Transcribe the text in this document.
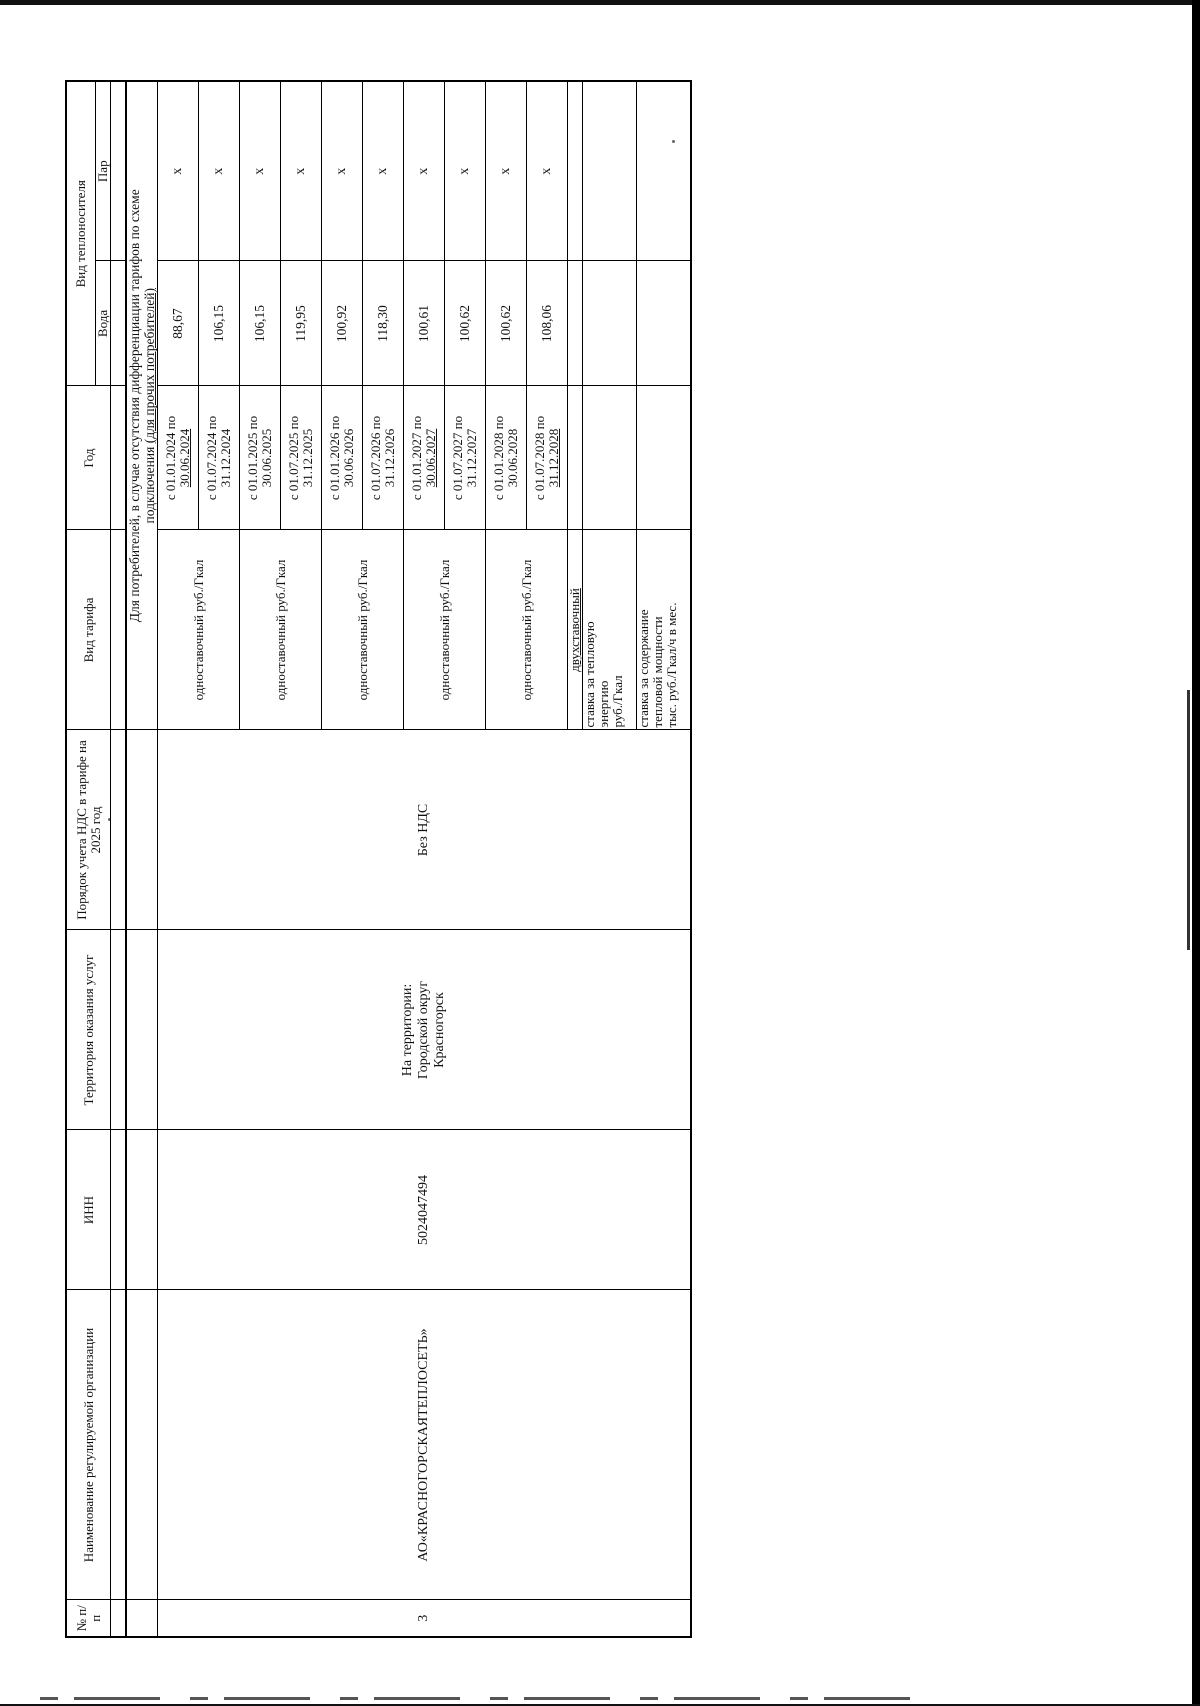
№ п/п	Наименование регулируемой организации	ИНН	Территория оказания услуг	Порядок учета НДС в тарифе на 2025 год	Вид тарифа	Год	Вид теплоносителя	
							Вода	Пар

					Для потребителей, в случае отсутствия дифференциации тарифов по схеме
подключения (для прочих потребителей)			
3	АО«КРАСНОГОРСКАЯТЕПЛОСЕТЬ»	5024047494	На территории:
Городской округ
Красногорск	Без НДС	одноставочный руб./Гкал	с 01.01.2024 по
30.06.2024	88,67	х
						с 01.07.2024 по
31.12.2024	106,15	х
					одноставочный руб./Гкал	с 01.01.2025 по
30.06.2025	106,15	х
						с 01.07.2025 по
31.12.2025	119,95	х
					одноставочный руб./Гкал	с 01.01.2026 по
30.06.2026	100,92	х
						с 01.07.2026 по
31.12.2026	118,30	х
					одноставочный руб./Гкал	с 01.01.2027 по
30.06.2027	100,61	х
						с 01.07.2027 по
31.12.2027	100,62	х
					одноставочный руб./Гкал	с 01.01.2028 по
30.06.2028	100,62	х
						с 01.07.2028 по
31.12.2028	108,06	х
					двухставочный			
					ставка за тепловую
энергию
руб./Гкал			
					ставка за содержание
тепловой мощности
тыс. руб./Гкал/ч в мес.			
